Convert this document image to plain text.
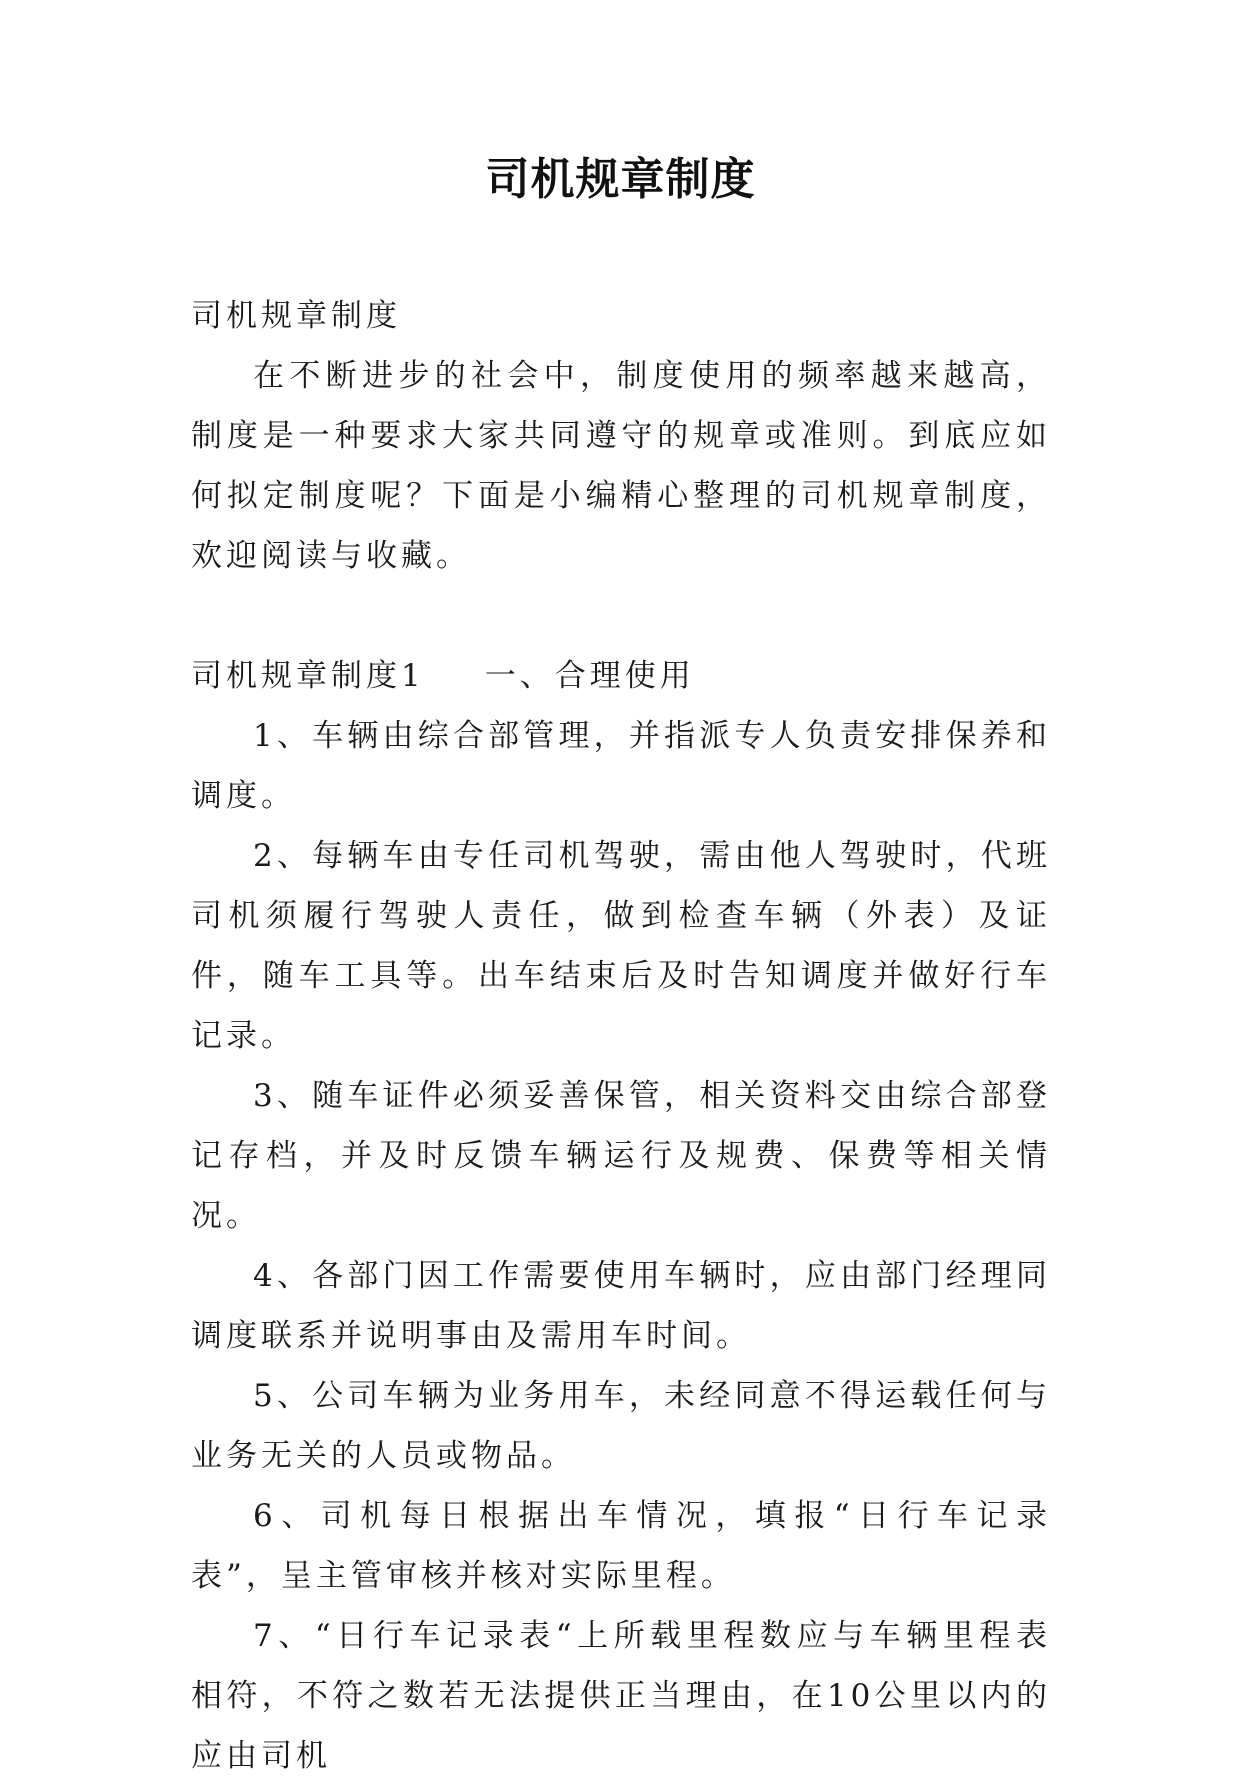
司机规章制度

司机规章制度

在不断进步的社会中，制度使用的频率越来越高，制度是一种要求大家共同遵守的规章或准则。到底应如何拟定制度呢？下面是小编精心整理的司机规章制度，欢迎阅读与收藏。

司机规章制度1 一、合理使用

1、车辆由综合部管理，并指派专人负责安排保养和调度。

2、每辆车由专任司机驾驶，需由他人驾驶时，代班司机须履行驾驶人责任，做到检查车辆（外表）及证件，随车工具等。出车结束后及时告知调度并做好行车记录。

3、随车证件必须妥善保管，相关资料交由综合部登记存档，并及时反馈车辆运行及规费、保费等相关情况。

4、各部门因工作需要使用车辆时，应由部门经理同调度联系并说明事由及需用车时间。

5、公司车辆为业务用车，未经同意不得运载任何与业务无关的人员或物品。

6、司机每日根据出车情况，填报“日行车记录表”，呈主管审核并核对实际里程。

7、“日行车记录表“上所载里程数应与车辆里程表相符，不符之数若无法提供正当理由，在10公里以内的应由司机
